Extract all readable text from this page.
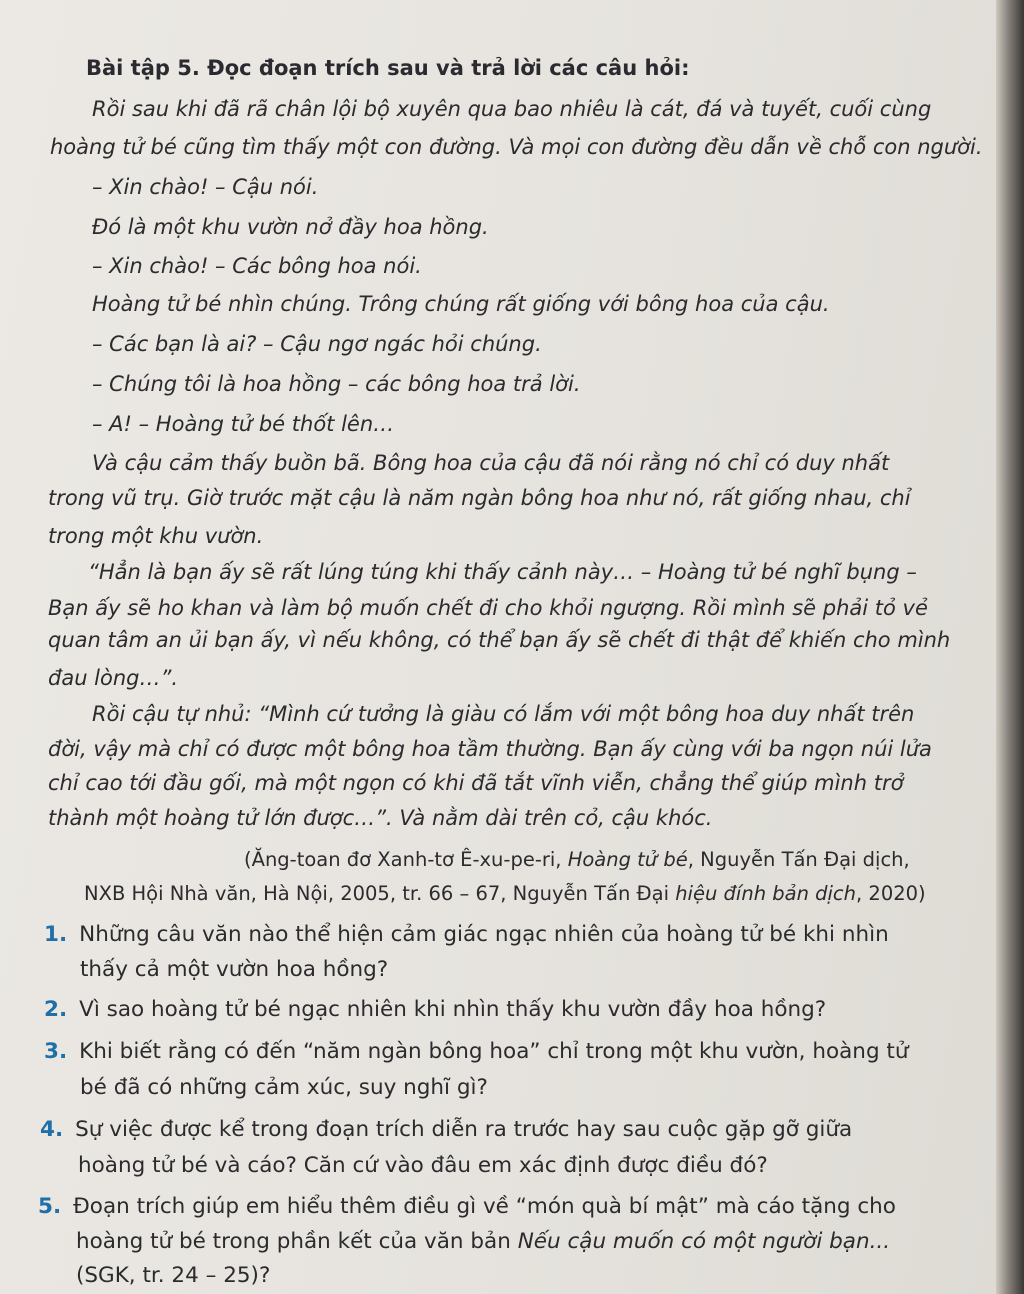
Bài tập 5. Đọc đoạn trích sau và trả lời các câu hỏi:
Rồi sau khi đã rã chân lội bộ xuyên qua bao nhiêu là cát, đá và tuyết, cuối cùng
hoàng tử bé cũng tìm thấy một con đường. Và mọi con đường đều dẫn về chỗ con người.
– Xin chào! – Cậu nói.
Đó là một khu vườn nở đầy hoa hồng.
– Xin chào! – Các bông hoa nói.
Hoàng tử bé nhìn chúng. Trông chúng rất giống với bông hoa của cậu.
– Các bạn là ai? – Cậu ngơ ngác hỏi chúng.
– Chúng tôi là hoa hồng – các bông hoa trả lời.
– A! – Hoàng tử bé thốt lên…
Và cậu cảm thấy buồn bã. Bông hoa của cậu đã nói rằng nó chỉ có duy nhất
trong vũ trụ. Giờ trước mặt cậu là năm ngàn bông hoa như nó, rất giống nhau, chỉ
trong một khu vườn.
“Hẳn là bạn ấy sẽ rất lúng túng khi thấy cảnh này… – Hoàng tử bé nghĩ bụng –
Bạn ấy sẽ ho khan và làm bộ muốn chết đi cho khỏi ngượng. Rồi mình sẽ phải tỏ vẻ
quan tâm an ủi bạn ấy, vì nếu không, có thể bạn ấy sẽ chết đi thật để khiến cho mình
đau lòng…”.
Rồi cậu tự nhủ: “Mình cứ tưởng là giàu có lắm với một bông hoa duy nhất trên
đời, vậy mà chỉ có được một bông hoa tầm thường. Bạn ấy cùng với ba ngọn núi lửa
chỉ cao tới đầu gối, mà một ngọn có khi đã tắt vĩnh viễn, chẳng thể giúp mình trở
thành một hoàng tử lớn được…”. Và nằm dài trên cỏ, cậu khóc.
(Ăng-toan đơ Xanh-tơ Ê-xu-pe-ri, Hoàng tử bé, Nguyễn Tấn Đại dịch,
NXB Hội Nhà văn, Hà Nội, 2005, tr. 66 – 67, Nguyễn Tấn Đại hiệu đính bản dịch, 2020)
1. Những câu văn nào thể hiện cảm giác ngạc nhiên của hoàng tử bé khi nhìn
thấy cả một vườn hoa hồng?
2. Vì sao hoàng tử bé ngạc nhiên khi nhìn thấy khu vườn đầy hoa hồng?
3. Khi biết rằng có đến “năm ngàn bông hoa” chỉ trong một khu vườn, hoàng tử
bé đã có những cảm xúc, suy nghĩ gì?
4. Sự việc được kể trong đoạn trích diễn ra trước hay sau cuộc gặp gỡ giữa
hoàng tử bé và cáo? Căn cứ vào đâu em xác định được điều đó?
5. Đoạn trích giúp em hiểu thêm điều gì về “món quà bí mật” mà cáo tặng cho
hoàng tử bé trong phần kết của văn bản Nếu cậu muốn có một người bạn...
(SGK, tr. 24 – 25)?
